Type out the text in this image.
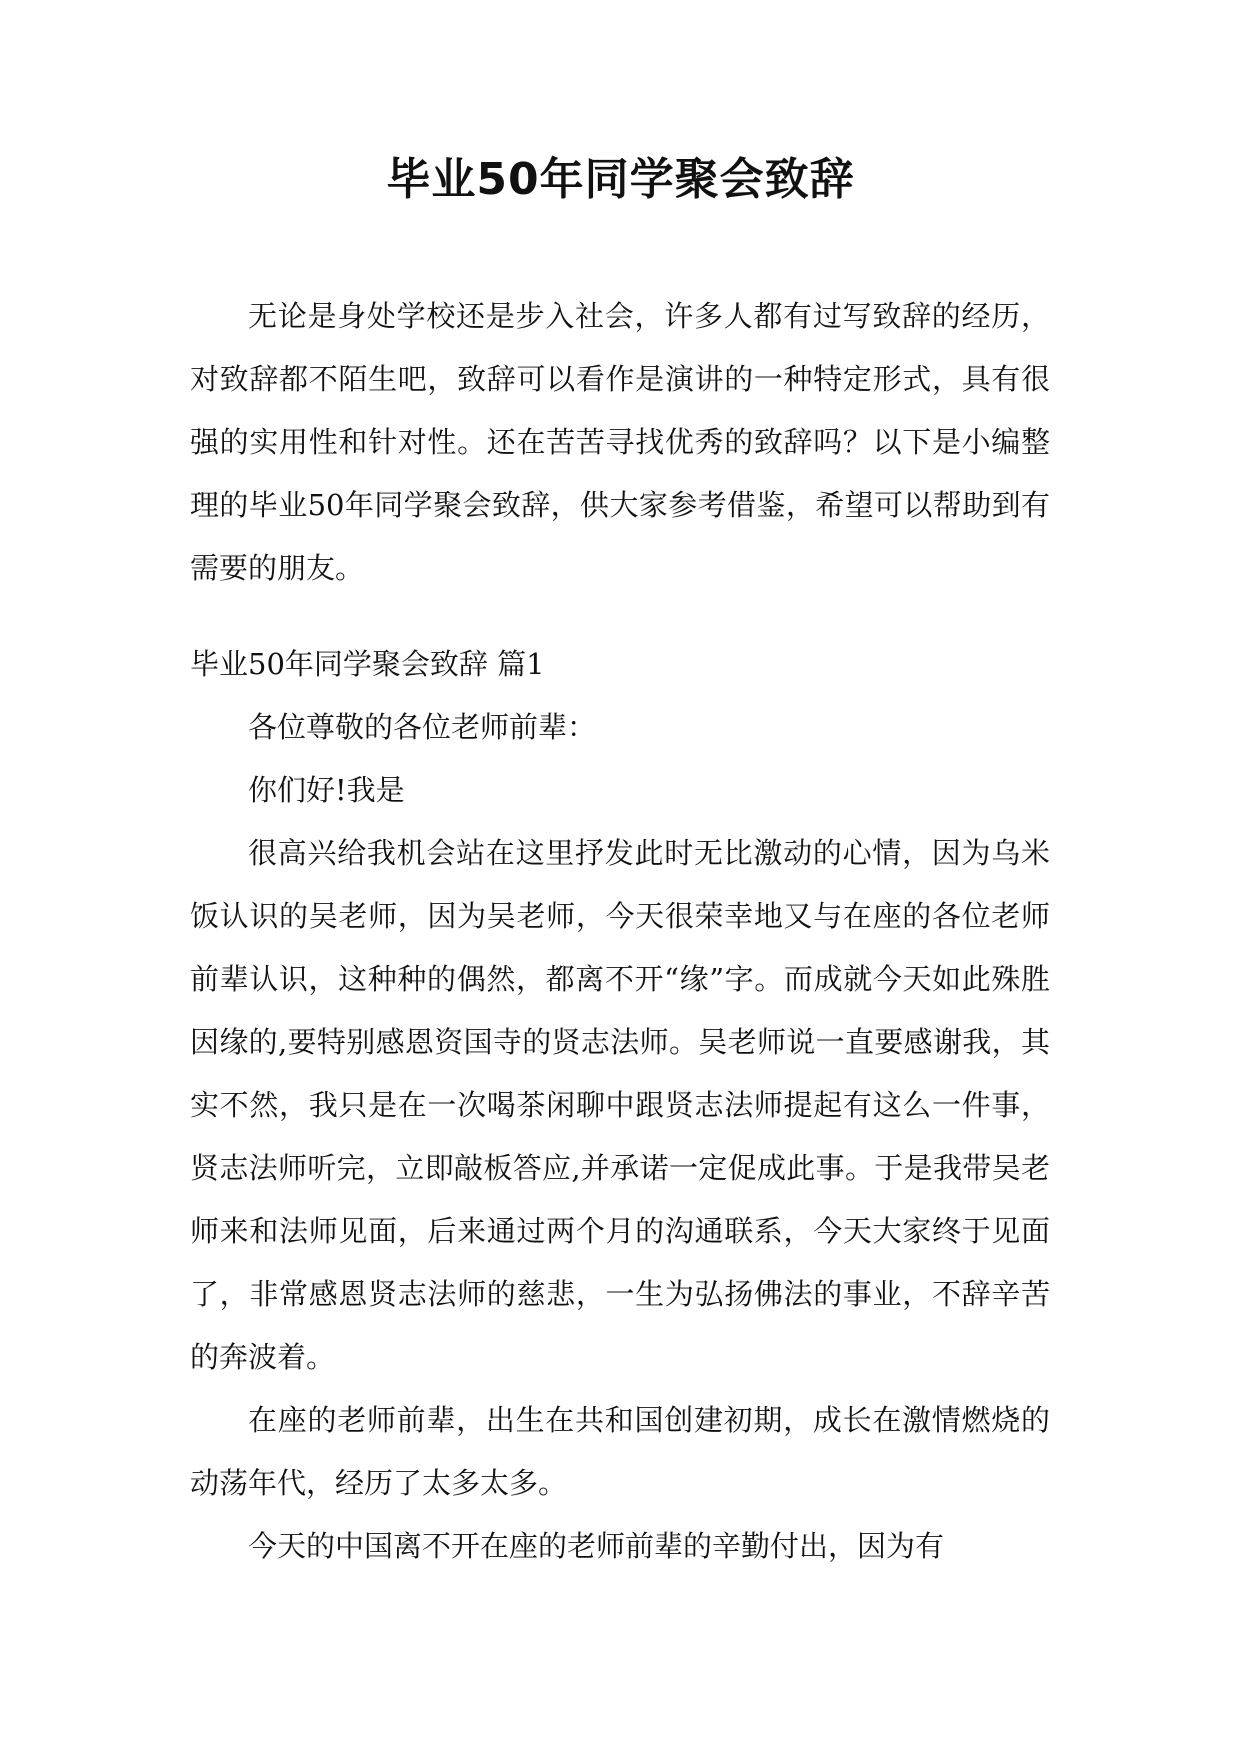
毕业50年同学聚会致辞

无论是身处学校还是步入社会，许多人都有过写致辞的经历，对致辞都不陌生吧，致辞可以看作是演讲的一种特定形式，具有很强的实用性和针对性。还在苦苦寻找优秀的致辞吗？以下是小编整理的毕业50年同学聚会致辞，供大家参考借鉴，希望可以帮助到有需要的朋友。

毕业50年同学聚会致辞 篇1

各位尊敬的各位老师前辈：

你们好!我是

很高兴给我机会站在这里抒发此时无比激动的心情，因为乌米饭认识的吴老师，因为吴老师，今天很荣幸地又与在座的各位老师前辈认识，这种种的偶然，都离不开“缘”字。而成就今天如此殊胜因缘的,要特别感恩资国寺的贤志法师。吴老师说一直要感谢我，其实不然，我只是在一次喝茶闲聊中跟贤志法师提起有这么一件事，贤志法师听完，立即敲板答应,并承诺一定促成此事。于是我带吴老师来和法师见面，后来通过两个月的沟通联系，今天大家终于见面了，非常感恩贤志法师的慈悲，一生为弘扬佛法的事业，不辞辛苦的奔波着。

在座的老师前辈，出生在共和国创建初期，成长在激情燃烧的动荡年代，经历了太多太多。

今天的中国离不开在座的老师前辈的辛勤付出，因为有
